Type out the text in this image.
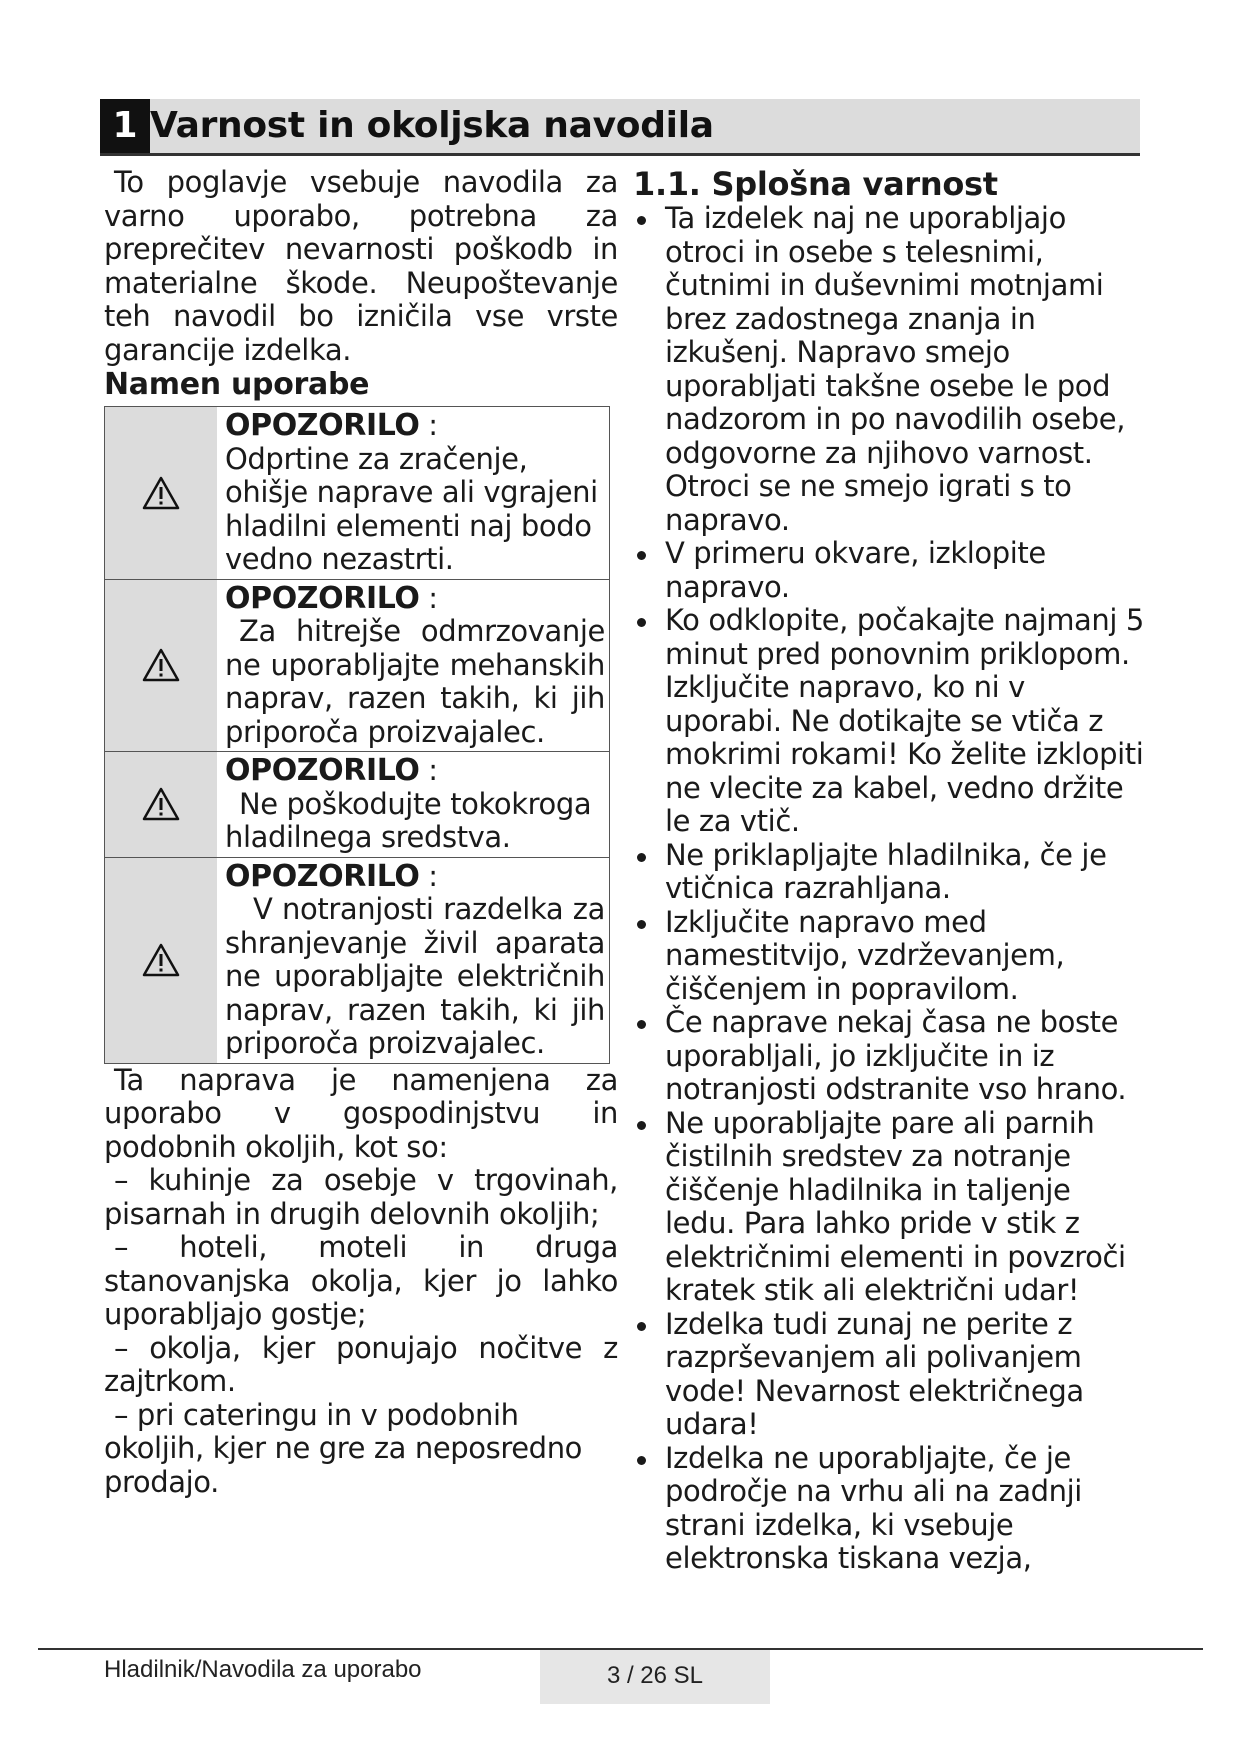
1 Varnost in okoljska navodila

To poglavje vsebuje navodila za varno uporabo, potrebna za preprečitev nevarnosti poškodb in materialne škode. Neupoštevanje teh navodil bo izničila vse vrste garancije izdelka.

Namen uporabe

OPOZORILO :
Odprtine za zračenje, ohišje naprave ali vgrajeni hladilni elementi naj bodo vedno nezastrti.
OPOZORILO :

Za hitrejše odmrzovanje ne uporabljajte mehanskih naprav, razen takih, ki jih priporoča proizvajalec.
OPOZORILO :

Ne poškodujte tokokroga hladilnega sredstva.
OPOZORILO :

V notranjosti razdelka za shranjevanje živil aparata ne uporabljajte električnih naprav, razen takih, ki jih priporoča proizvajalec.

Ta naprava je namenjena za uporabo v gospodinjstvu in podobnih okoljih, kot so:

– kuhinje za osebje v trgovinah, pisarnah in drugih delovnih okoljih;

– hoteli, moteli in druga stanovanjska okolja, kjer jo lahko uporabljajo gostje;

– okolja, kjer ponujajo nočitve z zajtrkom.

– pri cateringu in v podobnih okoljih, kjer ne gre za neposredno prodajo.

1.1. Splošna varnost

Ta izdelek naj ne uporabljajo otroci in osebe s telesnimi, čutnimi in duševnimi motnjami brez zadostnega znanja in izkušenj. Napravo smejo uporabljati takšne osebe le pod nadzorom in po navodilih osebe, odgovorne za njihovo varnost. Otroci se ne smejo igrati s to napravo.
V primeru okvare, izklopite napravo.
Ko odklopite, počakajte najmanj 5 minut pred ponovnim priklopom. Izključite napravo, ko ni v uporabi. Ne dotikajte se vtiča z mokrimi rokami! Ko želite izklopiti ne vlecite za kabel, vedno držite le za vtič.
Ne priklapljajte hladilnika, če je vtičnica razrahljana.
Izključite napravo med namestitvijo, vzdrževanjem, čiščenjem in popravilom.
Če naprave nekaj časa ne boste uporabljali, jo izključite in iz notranjosti odstranite vso hrano.
Ne uporabljajte pare ali parnih čistilnih sredstev za notranje čiščenje hladilnika in taljenje ledu. Para lahko pride v stik z električnimi elementi in povzroči kratek stik ali električni udar!
Izdelka tudi zunaj ne perite z razprševanjem ali polivanjem vode! Nevarnost električnega udara!
Izdelka ne uporabljajte, če je področje na vrhu ali na zadnji strani izdelka, ki vsebuje elektronska tiskana vezja,
Hladilnik/Navodila za uporabo	3 / 26 SL
